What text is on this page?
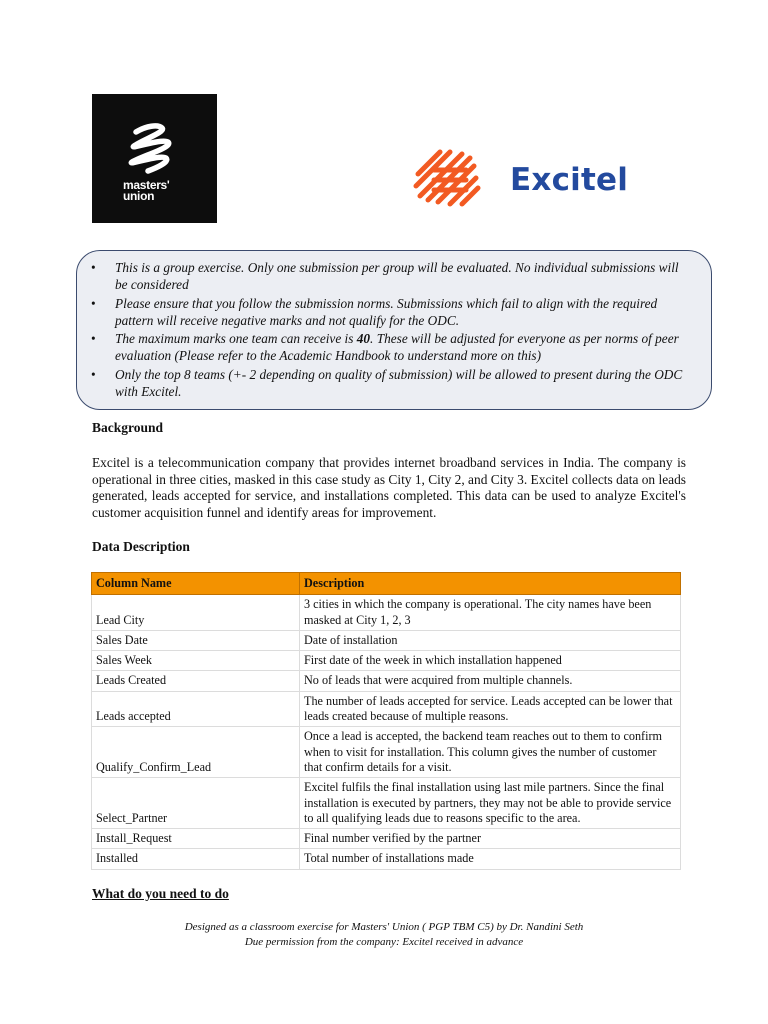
masters'
union	Excitel
• This is a group exercise. Only one submission per group will be evaluated. No individual submissions will be considered
• Please ensure that you follow the submission norms. Submissions which fail to align with the required pattern will receive negative marks and not qualify for the ODC.
• The maximum marks one team can receive is 40. These will be adjusted for everyone as per norms of peer evaluation (Please refer to the Academic Handbook to understand more on this)
• Only the top 8 teams (+- 2 depending on quality of submission) will be allowed to present during the ODC with Excitel.
Background
Excitel is a telecommunication company that provides internet broadband services in India. The company is operational in three cities, masked in this case study as City 1, City 2, and City 3. Excitel collects data on leads generated, leads accepted for service, and installations completed. This data can be used to analyze Excitel's customer acquisition funnel and identify areas for improvement.
Data Description
Column Name	Description
Lead City	3 cities in which the company is operational. The city names have been masked at City 1, 2, 3
Sales Date	Date of installation
Sales Week	First date of the week in which installation happened
Leads Created	No of leads that were acquired from multiple channels.
Leads accepted	The number of leads accepted for service. Leads accepted can be lower that leads created because of multiple reasons.
Qualify_Confirm_Lead	Once a lead is accepted, the backend team reaches out to them to confirm when to visit for installation. This column gives the number of customer that confirm details for a visit.
Select_Partner	Excitel fulfils the final installation using last mile partners. Since the final installation is executed by partners, they may not be able to provide service to all qualifying leads due to reasons specific to the area.
Install_Request	Final number verified by the partner
Installed	Total number of installations made
What do you need to do
Designed as a classroom exercise for Masters' Union ( PGP TBM C5) by Dr. Nandini Seth
Due permission from the company: Excitel received in advance
